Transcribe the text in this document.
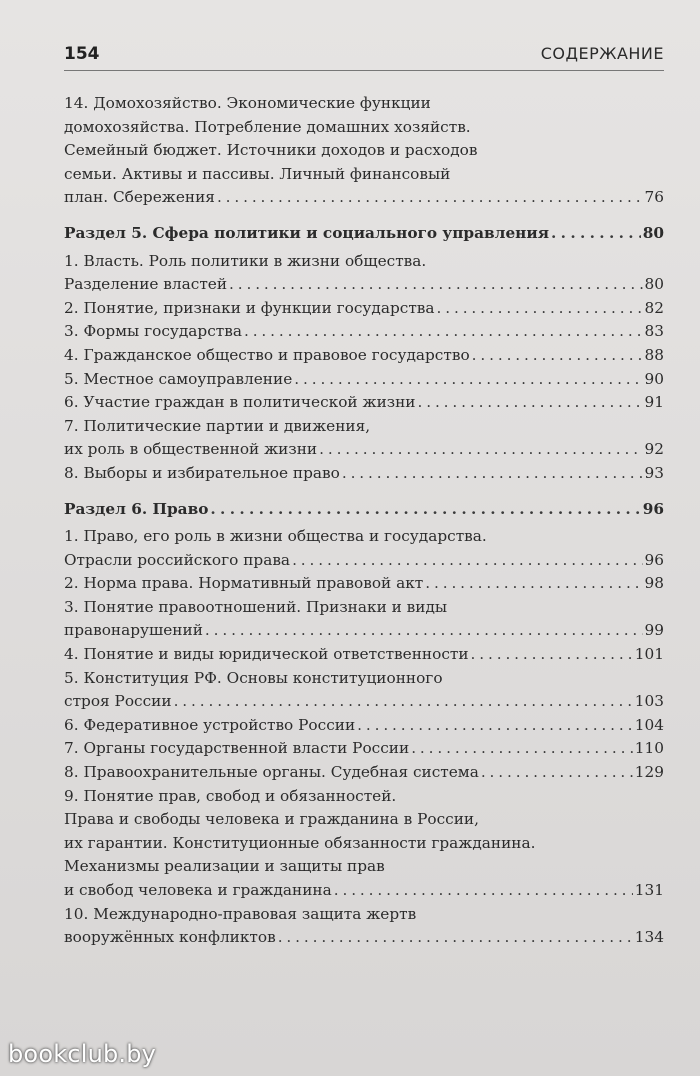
154	СОДЕРЖАНИЕ
14. Домохозяйство. Экономические функции
домохозяйства. Потребление домашних хозяйств.
Семейный бюджет. Источники доходов и расходов
семьи. Активы и пассивы. Личный финансовый
план. Сбережения . . .	76
Раздел 5. Сфера политики и социального управления . . .	80
1. Власть. Роль политики в жизни общества.
Разделение властей . . .	80
2. Понятие, признаки и функции государства . . .	82
3. Формы государства . . .	83
4. Гражданское общество и правовое государство . . .	88
5. Местное самоуправление . . .	90
6. Участие граждан в политической жизни . . .	91
7. Политические партии и движения,
их роль в общественной жизни . . .	92
8. Выборы и избирательное право . . .	93
Раздел 6. Право . . .	96
1. Право, его роль в жизни общества и государства.
Отрасли российского права . . .	96
2. Норма права. Нормативный правовой акт . . .	98
3. Понятие правоотношений. Признаки и виды
правонарушений . . .	99
4. Понятие и виды юридической ответственности . . .	101
5. Конституция РФ. Основы конституционного
строя России . . .	103
6. Федеративное устройство России . . .	104
7. Органы государственной власти России . . .	110
8. Правоохранительные органы. Судебная система . . .	129
9. Понятие прав, свобод и обязанностей.
Права и свободы человека и гражданина в России,
их гарантии. Конституционные обязанности гражданина.
Механизмы реализации и защиты прав
и свобод человека и гражданина . . .	131
10. Международно-правовая защита жертв
вооружённых конфликтов . . .	134
bookclub.by
